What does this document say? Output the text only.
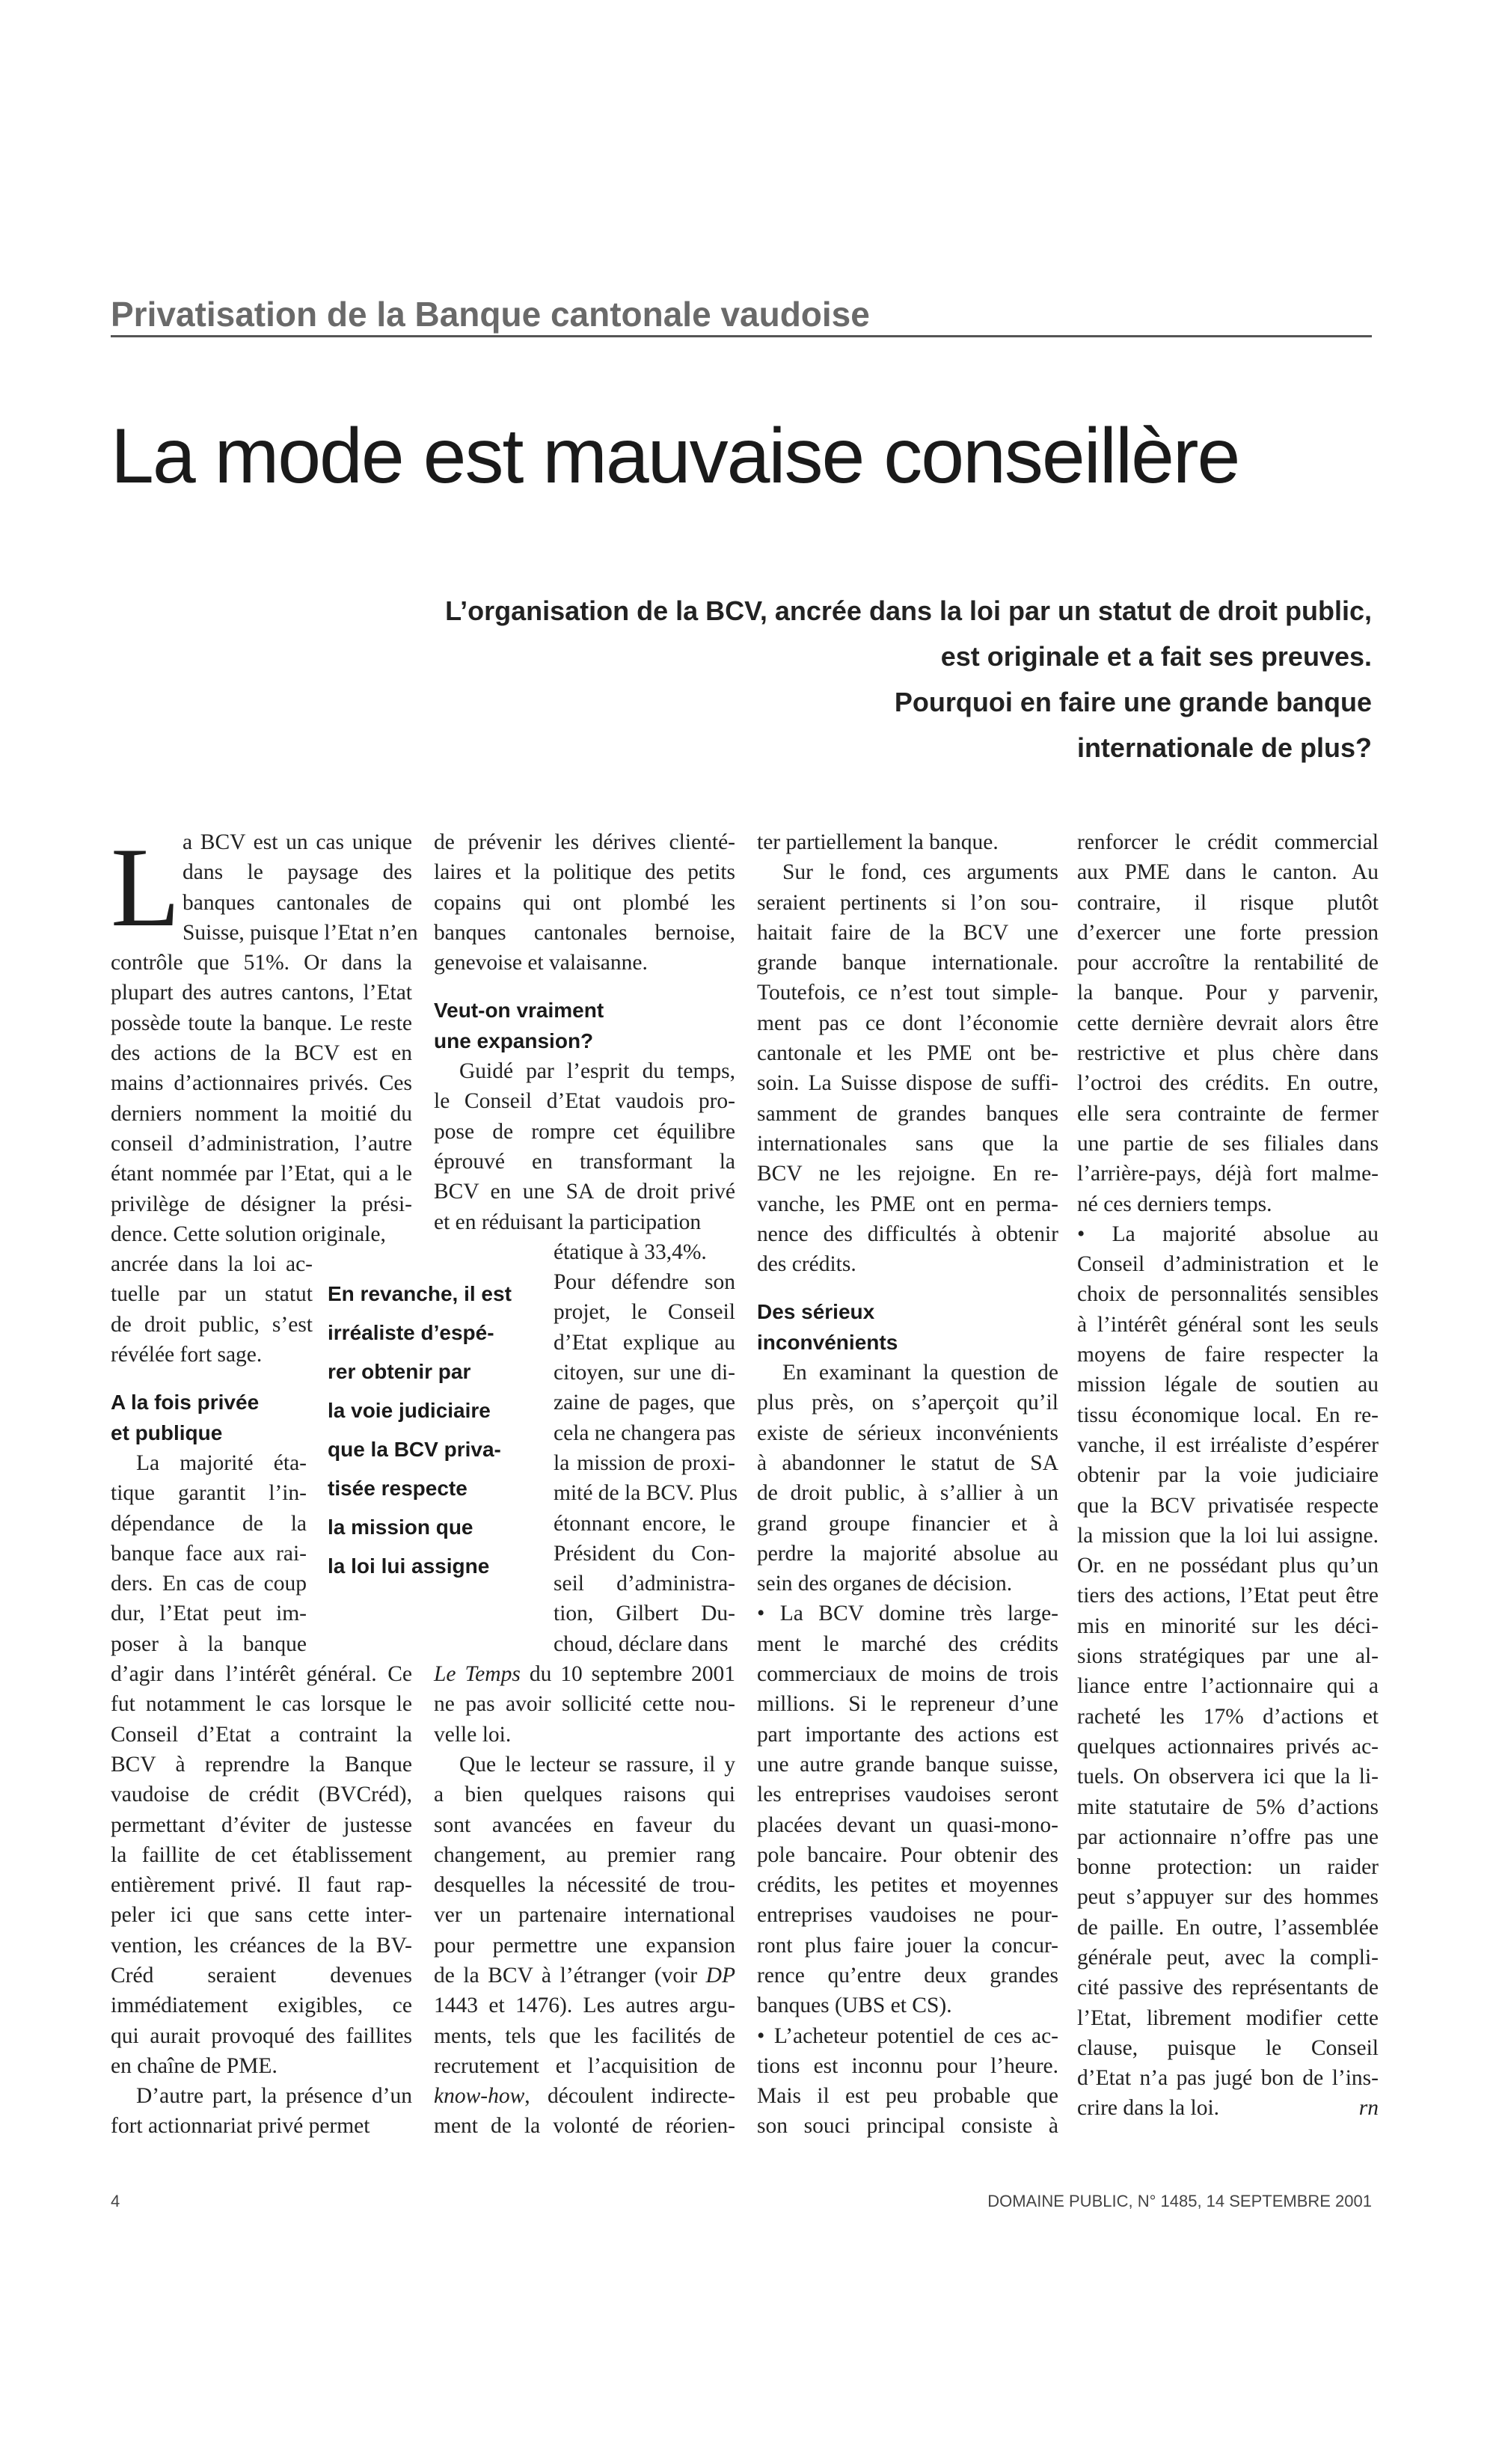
Privatisation de la Banque cantonale vaudoise
La mode est mauvaise conseillère
L’organisation de la BCV, ancrée dans la loi par un statut de droit public,
est originale et a fait ses preuves.
Pourquoi en faire une grande banque
internationale de plus?
L a BCV est un cas unique
dans le paysage des
banques cantonales de
Suisse, puisque l’Etat n’en
contrôle que 51%. Or dans la
plupart des autres cantons, l’Etat
possède toute la banque. Le reste
des actions de la BCV est en
mains d’actionnaires privés. Ces
derniers nomment la moitié du
conseil d’administration, l’autre
étant nommée par l’Etat, qui a le
privilège de désigner la prési-
dence. Cette solution originale,
ancrée dans la loi ac-
tuelle par un statut
de droit public, s’est
révélée fort sage.
A la fois privée
et publique
La majorité éta-
tique garantit l’in-
dépendance de la
banque face aux rai-
ders. En cas de coup
dur, l’Etat peut im-
poser à la banque
d’agir dans l’intérêt général. Ce
fut notamment le cas lorsque le
Conseil d’Etat a contraint la
BCV à reprendre la Banque
vaudoise de crédit (BVCréd),
permettant d’éviter de justesse
la faillite de cet établissement
entièrement privé. Il faut rap-
peler ici que sans cette inter-
vention, les créances de la BV-
Créd seraient devenues
immédiatement exigibles, ce
qui aurait provoqué des faillites
en chaîne de PME.
D’autre part, la présence d’un
fort actionnariat privé permet
de prévenir les dérives clienté-
laires et la politique des petits
copains qui ont plombé les
banques cantonales bernoise,
genevoise et valaisanne.
Veut-on vraiment
une expansion?
Guidé par l’esprit du temps,
le Conseil d’Etat vaudois pro-
pose de rompre cet équilibre
éprouvé en transformant la
BCV en une SA de droit privé
et en réduisant la participation
étatique à 33,4%.
Pour défendre son
projet, le Conseil
d’Etat explique au
citoyen, sur une di-
zaine de pages, que
cela ne changera pas
la mission de proxi-
mité de la BCV. Plus
étonnant encore, le
Président du Con-
seil d’administra-
tion, Gilbert Du-
choud, déclare dans
Le Temps du 10 septembre 2001
ne pas avoir sollicité cette nou-
velle loi.
Que le lecteur se rassure, il y
a bien quelques raisons qui
sont avancées en faveur du
changement, au premier rang
desquelles la nécessité de trou-
ver un partenaire international
pour permettre une expansion
de la BCV à l’étranger (voir DP
1443 et 1476). Les autres argu-
ments, tels que les facilités de
recrutement et l’acquisition de
know-how, découlent indirecte-
ment de la volonté de réorien-
ter partiellement la banque.
Sur le fond, ces arguments
seraient pertinents si l’on sou-
haitait faire de la BCV une
grande banque internationale.
Toutefois, ce n’est tout simple-
ment pas ce dont l’économie
cantonale et les PME ont be-
soin. La Suisse dispose de suffi-
samment de grandes banques
internationales sans que la
BCV ne les rejoigne. En re-
vanche, les PME ont en perma-
nence des difficultés à obtenir
des crédits.
Des sérieux
inconvénients
En examinant la question de
plus près, on s’aperçoit qu’il
existe de sérieux inconvénients
à abandonner le statut de SA
de droit public, à s’allier à un
grand groupe financier et à
perdre la majorité absolue au
sein des organes de décision.
• La BCV domine très large-
ment le marché des crédits
commerciaux de moins de trois
millions. Si le repreneur d’une
part importante des actions est
une autre grande banque suisse,
les entreprises vaudoises seront
placées devant un quasi-mono-
pole bancaire. Pour obtenir des
crédits, les petites et moyennes
entreprises vaudoises ne pour-
ront plus faire jouer la concur-
rence qu’entre deux grandes
banques (UBS et CS).
• L’acheteur potentiel de ces ac-
tions est inconnu pour l’heure.
Mais il est peu probable que
son souci principal consiste à
renforcer le crédit commercial
aux PME dans le canton. Au
contraire, il risque plutôt
d’exercer une forte pression
pour accroître la rentabilité de
la banque. Pour y parvenir,
cette dernière devrait alors être
restrictive et plus chère dans
l’octroi des crédits. En outre,
elle sera contrainte de fermer
une partie de ses filiales dans
l’arrière-pays, déjà fort malme-
né ces derniers temps.
• La majorité absolue au
Conseil d’administration et le
choix de personnalités sensibles
à l’intérêt général sont les seuls
moyens de faire respecter la
mission légale de soutien au
tissu économique local. En re-
vanche, il est irréaliste d’espérer
obtenir par la voie judiciaire
que la BCV privatisée respecte
la mission que la loi lui assigne.
Or. en ne possédant plus qu’un
tiers des actions, l’Etat peut être
mis en minorité sur les déci-
sions stratégiques par une al-
liance entre l’actionnaire qui a
racheté les 17% d’actions et
quelques actionnaires privés ac-
tuels. On observera ici que la li-
mite statutaire de 5% d’actions
par actionnaire n’offre pas une
bonne protection: un raider
peut s’appuyer sur des hommes
de paille. En outre, l’assemblée
générale peut, avec la compli-
cité passive des représentants de
l’Etat, librement modifier cette
clause, puisque le Conseil
d’Etat n’a pas jugé bon de l’ins-
crire dans la loi.	rn
En revanche, il est
irréaliste d’espé-
rer obtenir par
la voie judiciaire
que la BCV priva-
tisée respecte
la mission que
la loi lui assigne
4	DOMAINE PUBLIC, N° 1485, 14 SEPTEMBRE 2001
